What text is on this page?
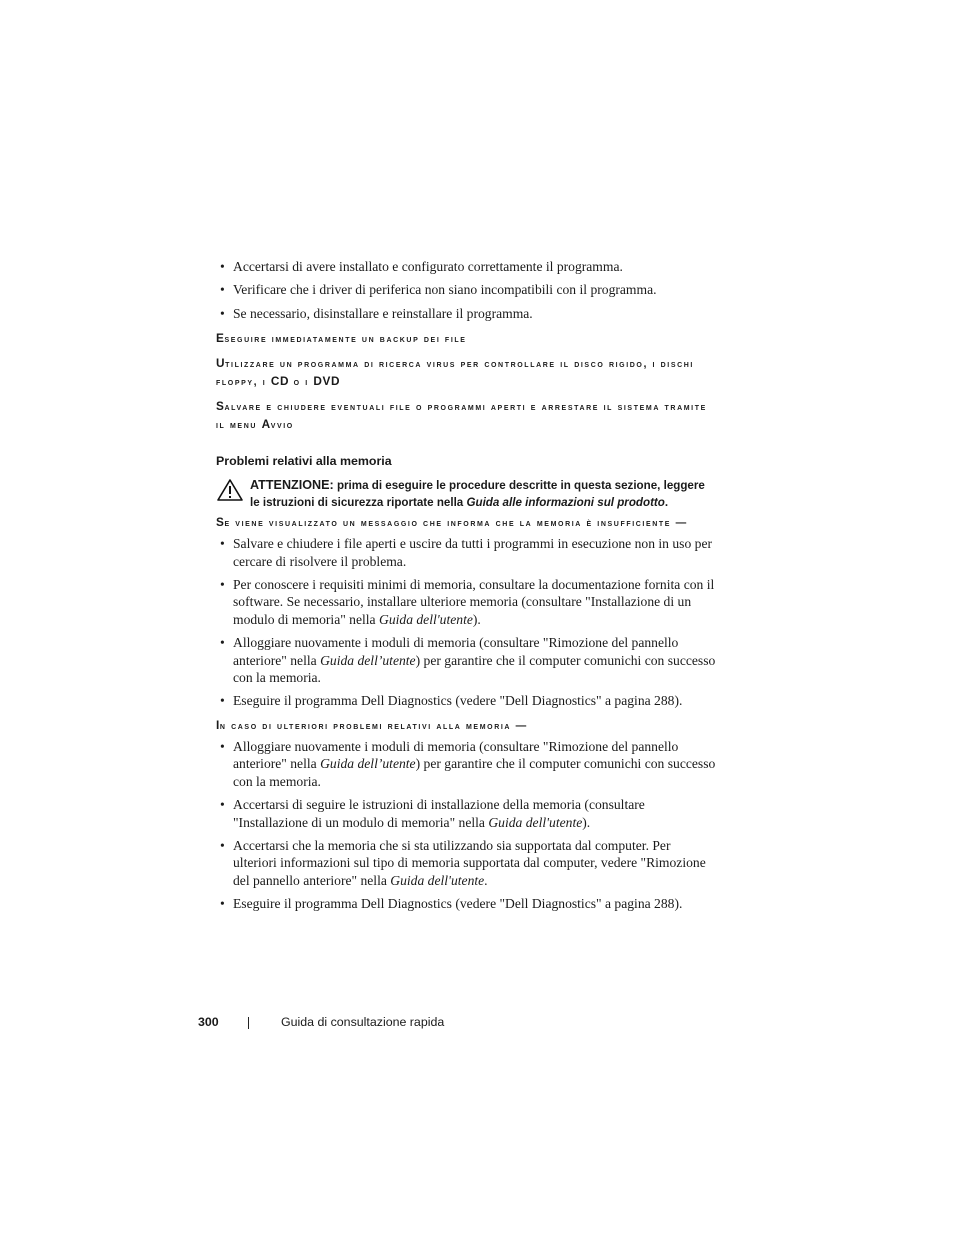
• Accertarsi di avere installato e configurato correttamente il programma.
• Verificare che i driver di periferica non siano incompatibili con il programma.
• Se necessario, disinstallare e reinstallare il programma.
Eseguire immediatamente un backup dei file
Utilizzare un programma di ricerca virus per controllare il disco rigido, i dischi floppy, i CD o i DVD
Salvare e chiudere eventuali file o programmi aperti e arrestare il sistema tramite il menu Avvio
Problemi relativi alla memoria
ATTENZIONE: prima di eseguire le procedure descritte in questa sezione, leggere le istruzioni di sicurezza riportate nella Guida alle informazioni sul prodotto.
Se viene visualizzato un messaggio che informa che la memoria è insufficiente —
• Salvare e chiudere i file aperti e uscire da tutti i programmi in esecuzione non in uso per cercare di risolvere il problema.
• Per conoscere i requisiti minimi di memoria, consultare la documentazione fornita con il software. Se necessario, installare ulteriore memoria (consultare "Installazione di un modulo di memoria" nella Guida dell'utente).
• Alloggiare nuovamente i moduli di memoria (consultare "Rimozione del pannello anteriore" nella Guida dell’utente) per garantire che il computer comunichi con successo con la memoria.
• Eseguire il programma Dell Diagnostics (vedere "Dell Diagnostics" a pagina 288).
In caso di ulteriori problemi relativi alla memoria —
• Alloggiare nuovamente i moduli di memoria (consultare "Rimozione del pannello anteriore" nella Guida dell’utente) per garantire che il computer comunichi con successo con la memoria.
• Accertarsi di seguire le istruzioni di installazione della memoria (consultare "Installazione di un modulo di memoria" nella Guida dell'utente).
• Accertarsi che la memoria che si sta utilizzando sia supportata dal computer. Per ulteriori informazioni sul tipo di memoria supportata dal computer, vedere "Rimozione del pannello anteriore" nella Guida dell'utente.
• Eseguire il programma Dell Diagnostics (vedere "Dell Diagnostics" a pagina 288).
300	Guida di consultazione rapida
